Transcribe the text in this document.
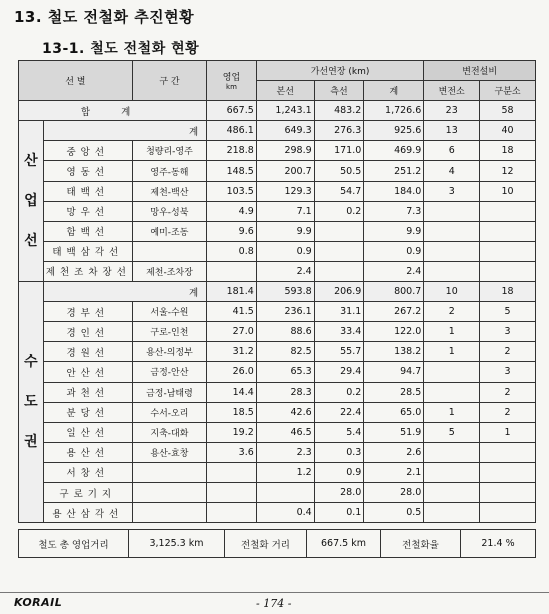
13. 철도 전철화 추진현황
13-1. 철도 전철화 현황
선 별		구 간	영업
km	가선연장 (km)			변전설비	
				본선	측선	계	변전소	구분소
합 계			667.5	1,243.1	483.2	1,726.6	23	58

산
업
선	계		486.1	649.3	276.3	925.6	13	40
	중앙선	청량리-영주	218.8	298.9	171.0	469.9	6	18
	영동선	영주-동해	148.5	200.7	50.5	251.2	4	12
	태백선	제천-백산	103.5	129.3	54.7	184.0	3	10
	망우선	망우-성북	4.9	7.1	0.2	7.3		
	함백선	예미-조동	9.6	9.9		9.9		
	태백삼각선		0.8	0.9		0.9		
	제천조차장선	제천-조차장		2.4		2.4		

수
도
권	계		181.4	593.8	206.9	800.7	10	18
	경부선	서울-수원	41.5	236.1	31.1	267.2	2	5
	경인선	구로-인천	27.0	88.6	33.4	122.0	1	3
	경원선	용산-의정부	31.2	82.5	55.7	138.2	1	2
	안산선	금정-안산	26.0	65.3	29.4	94.7		3
	과천선	금정-남태령	14.4	28.3	0.2	28.5		2
	분당선	수서-오리	18.5	42.6	22.4	65.0	1	2
	일산선	지축-대화	19.2	46.5	5.4	51.9	5	1
	용산선	용산-효창	3.6	2.3	0.3	2.6		
	서창선			1.2	0.9	2.1		
	구로기지				28.0	28.0		
	용산삼각선			0.4	0.1	0.5		
철도 총 영업거리	3,125.3 km	전철화 거리	667.5 km	전철화율	21.4 %
KORAIL	- 174 -
